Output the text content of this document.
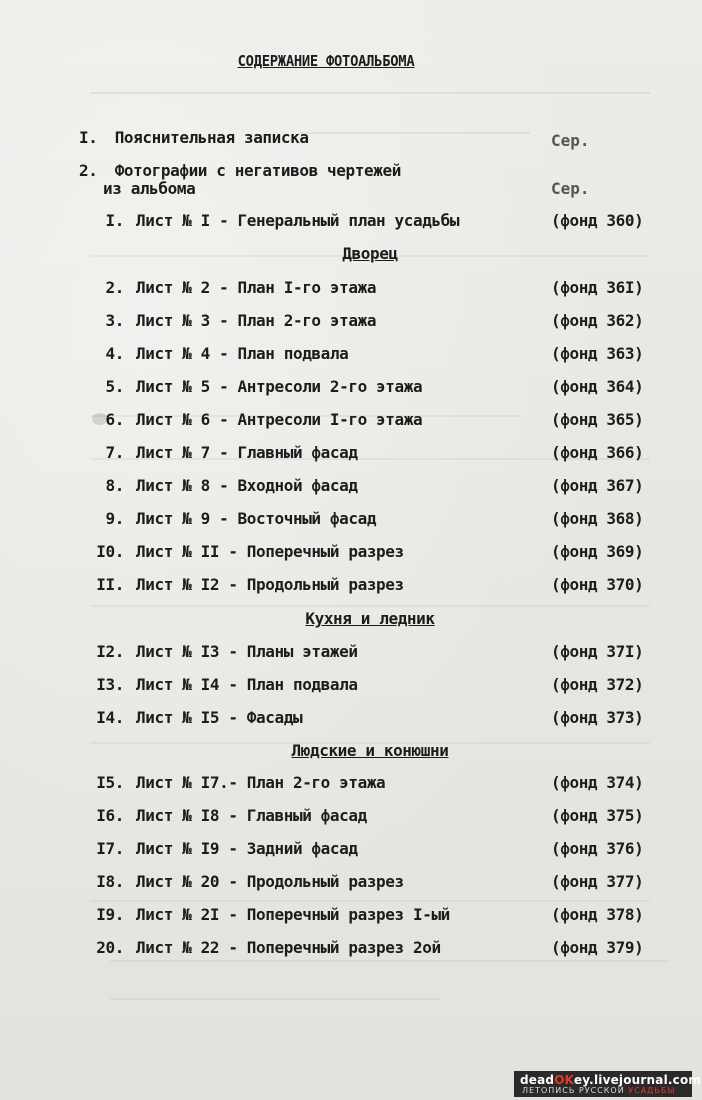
СОДЕРЖАНИЕ ФОТОАЛЬБОМА
I. Пояснительная записка	Сер.
2. Фотографии с негативов чертежей
из альбома	Сер.
I. Лист № I - Генеральный план усадьбы	(фонд 360)
Дворец
2. Лист № 2 - План I-го этажа	(фонд 36I)
3. Лист № 3 - План 2-го этажа	(фонд 362)
4. Лист № 4 - План подвала	(фонд 363)
5. Лист № 5 - Антресоли 2-го этажа	(фонд 364)
6. Лист № 6 - Антресоли I-го этажа	(фонд 365)
7. Лист № 7 - Главный фасад	(фонд 366)
8. Лист № 8 - Входной фасад	(фонд 367)
9. Лист № 9 - Восточный фасад	(фонд 368)
I0. Лист № II - Поперечный разрез	(фонд 369)
II. Лист № I2 - Продольный разрез	(фонд 370)
Кухня и ледник
I2. Лист № I3 - Планы этажей	(фонд 37I)
I3. Лист № I4 - План подвала	(фонд 372)
I4. Лист № I5 - Фасады	(фонд 373)
Людские и конюшни
I5. Лист № I7.- План 2-го этажа	(фонд 374)
I6. Лист № I8 - Главный фасад	(фонд 375)
I7. Лист № I9 - Задний фасад	(фонд 376)
I8. Лист № 20 - Продольный разрез	(фонд 377)
I9. Лист № 2I - Поперечный разрез I-ый	(фонд 378)
20. Лист № 22 - Поперечный разрез 2ой	(фонд 379)
deadOKey.livejournal.com
ЛЕТОПИСЬ РУССКОЙ УСАДЬБЫ
